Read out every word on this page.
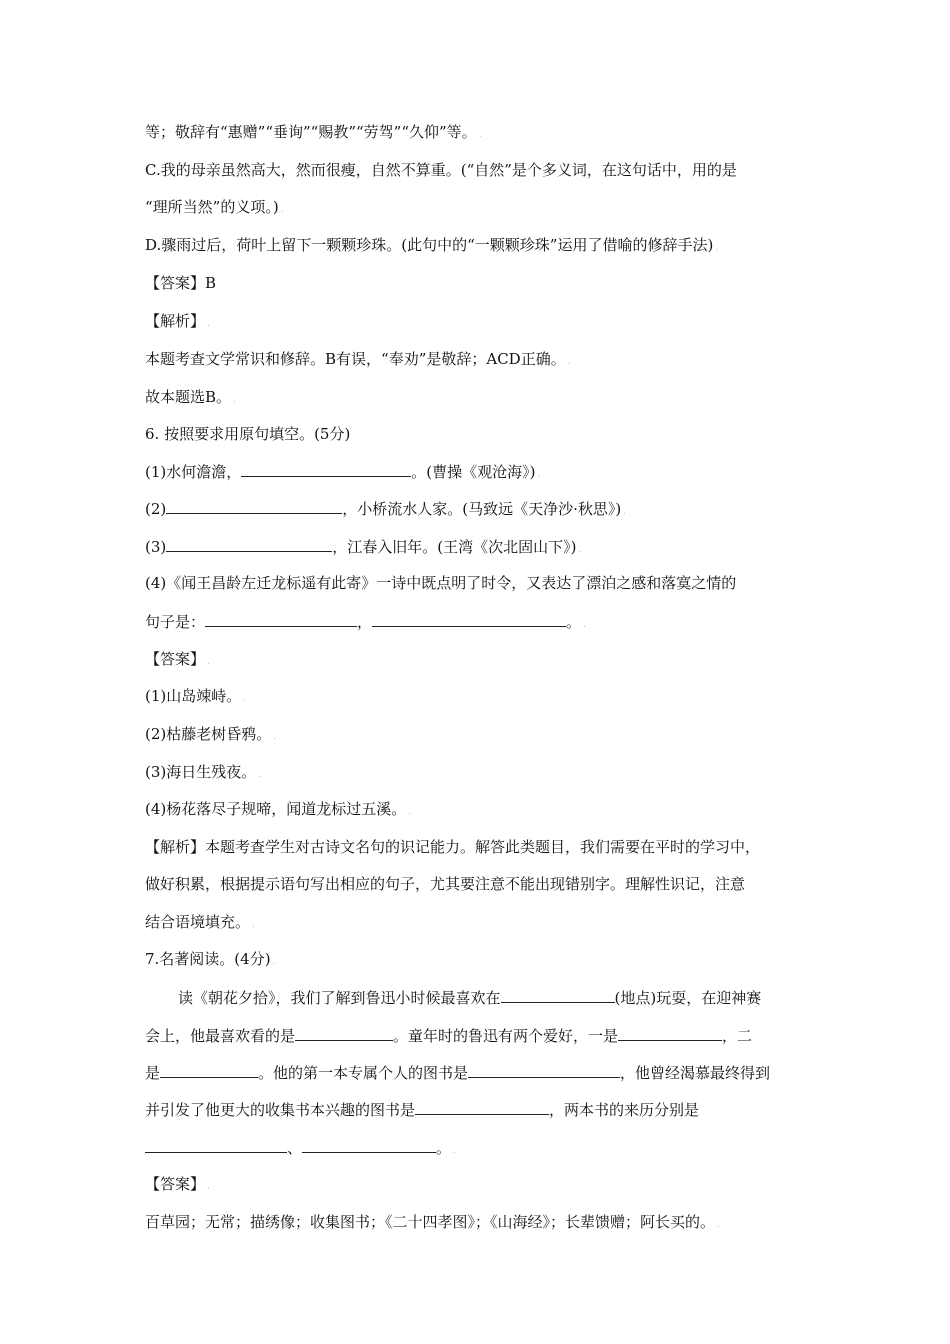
等；敬辞有“惠赠”“垂询”“赐教”“劳驾”“久仰”等。 .
C.我的母亲虽然高大，然而很瘦，自然不算重。(“自然”是个多义词，在这句话中，用的是
“理所当然”的义项。) .
D.骤雨过后，荷叶上留下一颗颗珍珠。(此句中的“一颗颗珍珠”运用了借喻的修辞手法) .
【答案】B
【解析】 .
本题考查文学常识和修辞。B有误，“奉劝”是敬辞；ACD正确。 .
故本题选B。 .
6. 按照要求用原句填空。(5分)
(1)水何澹澹，	。(曹操《观沧海》) .
(2)	，小桥流水人家。(马致远《天净沙·秋思》) .
(3)	，江春入旧年。(王湾《次北固山下》) .
(4)《闻王昌龄左迁龙标遥有此寄》一诗中既点明了时令，又表达了漂泊之感和落寞之情的
句子是：	，	。 .
【答案】 .
(1)山岛竦峙。 .
(2)枯藤老树昏鸦。 .
(3)海日生残夜。 .
(4)杨花落尽子规啼，闻道龙标过五溪。 .
【解析】本题考查学生对古诗文名句的识记能力。解答此类题目，我们需要在平时的学习中，
做好积累，根据提示语句写出相应的句子，尤其要注意不能出现错别字。理解性识记，注意
结合语境填充。 .
7.名著阅读。(4分) .
读《朝花夕拾》，我们了解到鲁迅小时候最喜欢在	(地点)玩耍，在迎神赛
会上，他最喜欢看的是	。童年时的鲁迅有两个爱好，一是	，二
是	。他的第一本专属个人的图书是	，他曾经渴慕最终得到
并引发了他更大的收集书本兴趣的图书是	，两本书的来历分别是
、	。 .
【答案】 .
百草园；无常；描绣像；收集图书；《二十四孝图》；《山海经》；长辈馈赠；阿长买的。 .
